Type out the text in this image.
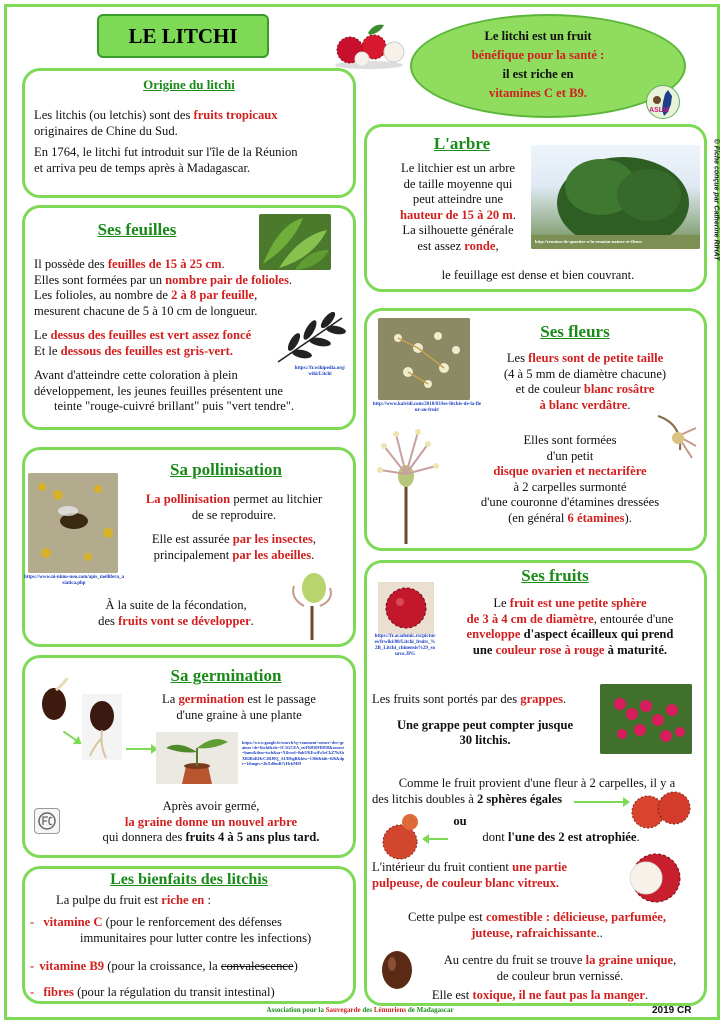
© Fiche conçue par Catherine RIHAT
LE LITCHI	Le litchi est un fruit
bénéfique pour la santé :
il est riche en
vitamines C et B9.
ASLM
Origine du litchi
Les litchis (ou letchis) sont des fruits tropicaux
originaires de Chine du Sud.
En 1764, le litchi fut introduit sur l'île de la Réunion
et arriva peu de temps après à Madagascar.
L'arbre
Le litchier est un arbre
de taille moyenne qui
peut atteindre une
hauteur de 15 à 20 m.
La silhouette générale
est assez ronde,
le feuillage est dense et bien couvrant.
http://reunion-de-quartier-a-la-reunion-nature-et-fleurs
Ses feuilles
https://fr.wikipedia.org/wiki/Litchi
Il possède des feuilles de 15 à 25 cm.
Elles sont formées par un nombre pair de folioles.
Les folioles, au nombre de 2 à 8 par feuille,
mesurent chacune de 5 à 10 cm de longueur.
Le dessus des feuilles est vert assez foncé
Et le dessous des feuilles est gris-vert.
Avant d'atteindre cette coloration à plein
développement, les jeunes feuilles présentent une
teinte "rouge-cuivré brillant" puis "vert tendre".
Ses fleurs
http://www.kaividi.com/2018/03/les-litchis-de-la-fleur-au-fruit/
Les fleurs sont de petite taille
(4 à 5 mm de diamètre chacune)
et de couleur blanc rosâtre
à blanc verdâtre.
Elles sont formées
d'un petit
disque ovarien et nectarifère
à 2 carpelles surmonté
d'une couronne d'étamines dressées
(en général 6 étamines).
Sa pollinisation
https://www.ni-nimo-noo.com/apis_mellifera_asiatica.php
La pollinisation permet au litchier
de se reproduire.
Elle est assurée par les insectes,
principalement par les abeilles.
À la suite de la fécondation,
des fruits vont se développer.
Ses fruits
https://fr.academic.ru/pictures/frwiki/80/Litchi_fruits_%2B_Litchi_chinensis%29_source.JPG
Le fruit est une petite sphère
de 3 à 4 cm de diamètre, entourée d'une
enveloppe d'aspect écailleux qui prend
une couleur rose à rouge à maturité.
Les fruits sont portés par des grappes.
Une grappe peut compter jusque
30 litchis.
Comme le fruit provient d'une fleur à 2 carpelles, il y a
des litchis doubles à 2 sphères égales
ou
dont l'une des 2 est atrophiée.
L'intérieur du fruit contient une partie
pulpeuse, de couleur blanc vitreux.
Cette pulpe est comestible : délicieuse, parfumée,
juteuse, rafraichissante..
Au centre du fruit se trouve la graine unique,
de couleur brun vernissé.
Elle est toxique, il ne faut pas la manger.
Sa germination
https://www.google.fr/search?q=comment+semer+des+graines+de+litchi&rlz=1C1GCEA_enFR850FR850&source=lnms&tbm=isch&sa=X&ved=0ahUKEwiFz5eCkZ7hAhXB2BoKHcC2BJ0Q_AUIDigB&biw=1366&bih=626&dpr=1#imgrc=2bXd0mR7yHrkMM
La germination est le passage
d'une graine à une plante
Après avoir germé,
la graine donne un nouvel arbre
qui donnera des fruits 4 à 5 ans plus tard.
Les bienfaits des litchis
La pulpe du fruit est riche en :
- vitamine C (pour le renforcement des défenses
immunitaires pour lutter contre les infections)
- vitamine B9 (pour la croissance, la convalescence)
- fibres (pour la régulation du transit intestinal)
Association pour la Sauvegarde des Lémuriens de Madagascar	2019 CR
